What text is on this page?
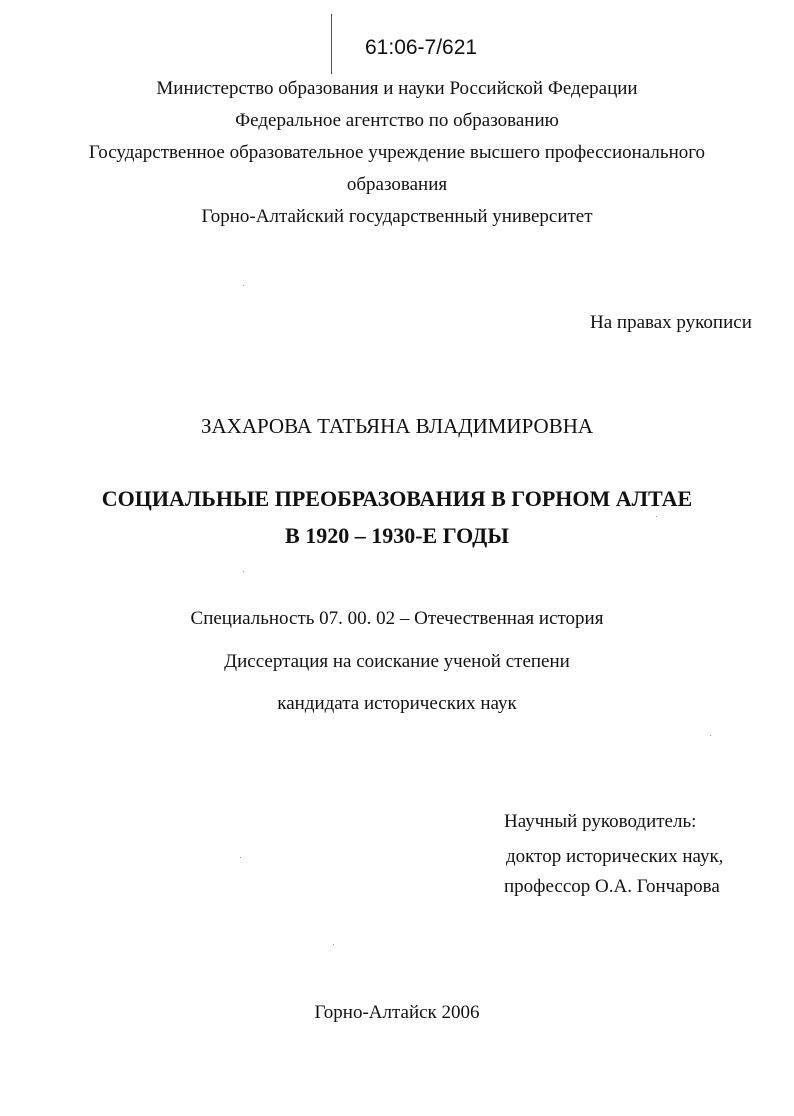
61:06-7/621
Министерство образования и науки Российской Федерации
Федеральное агентство по образованию
Государственное образовательное учреждение высшего профессионального
образования
Горно-Алтайский государственный университет
На правах рукописи
ЗАХАРОВА ТАТЬЯНА ВЛАДИМИРОВНА
СОЦИАЛЬНЫЕ ПРЕОБРАЗОВАНИЯ В ГОРНОМ АЛТАЕ
В 1920 – 1930-Е ГОДЫ
Специальность 07. 00. 02 – Отечественная история
Диссертация на соискание ученой степени
кандидата исторических наук
Научный руководитель:
доктор исторических наук,
профессор О.А. Гончарова
Горно-Алтайск 2006
